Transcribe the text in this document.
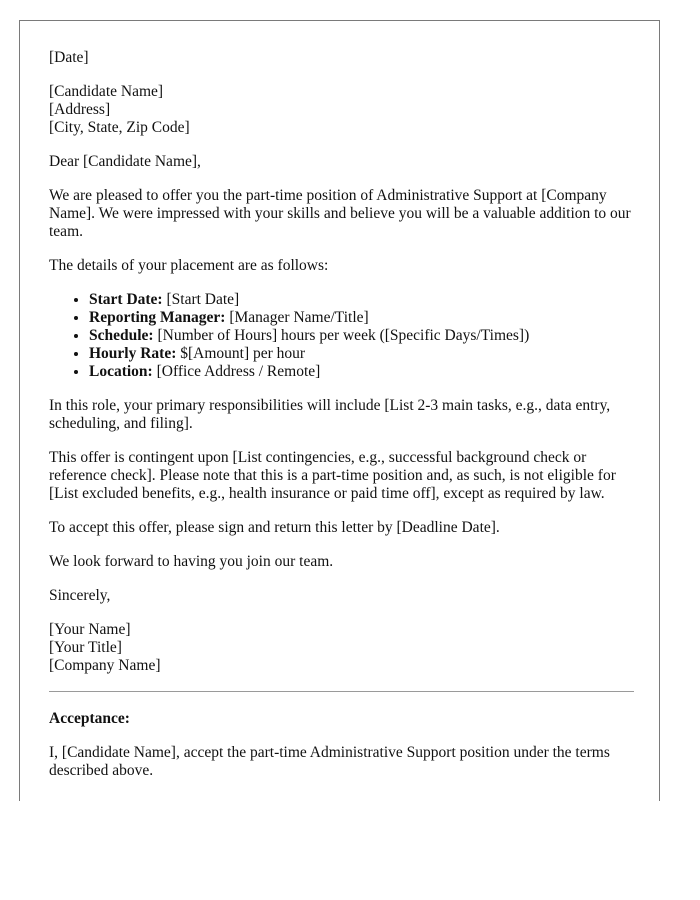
[Date]

[Candidate Name]
[Address]
[City, State, Zip Code]

Dear [Candidate Name],

We are pleased to offer you the part-time position of Administrative Support at [Company Name]. We were impressed with your skills and believe you will be a valuable addition to our team.

The details of your placement are as follows:

• Start Date: [Start Date]
• Reporting Manager: [Manager Name/Title]
• Schedule: [Number of Hours] hours per week ([Specific Days/Times])
• Hourly Rate: $[Amount] per hour
• Location: [Office Address / Remote]

In this role, your primary responsibilities will include [List 2-3 main tasks, e.g., data entry, scheduling, and filing].

This offer is contingent upon [List contingencies, e.g., successful background check or reference check]. Please note that this is a part-time position and, as such, is not eligible for [List excluded benefits, e.g., health insurance or paid time off], except as required by law.

To accept this offer, please sign and return this letter by [Deadline Date].

We look forward to having you join our team.

Sincerely,

[Your Name]
[Your Title]
[Company Name]

Acceptance:

I, [Candidate Name], accept the part-time Administrative Support position under the terms described above.
